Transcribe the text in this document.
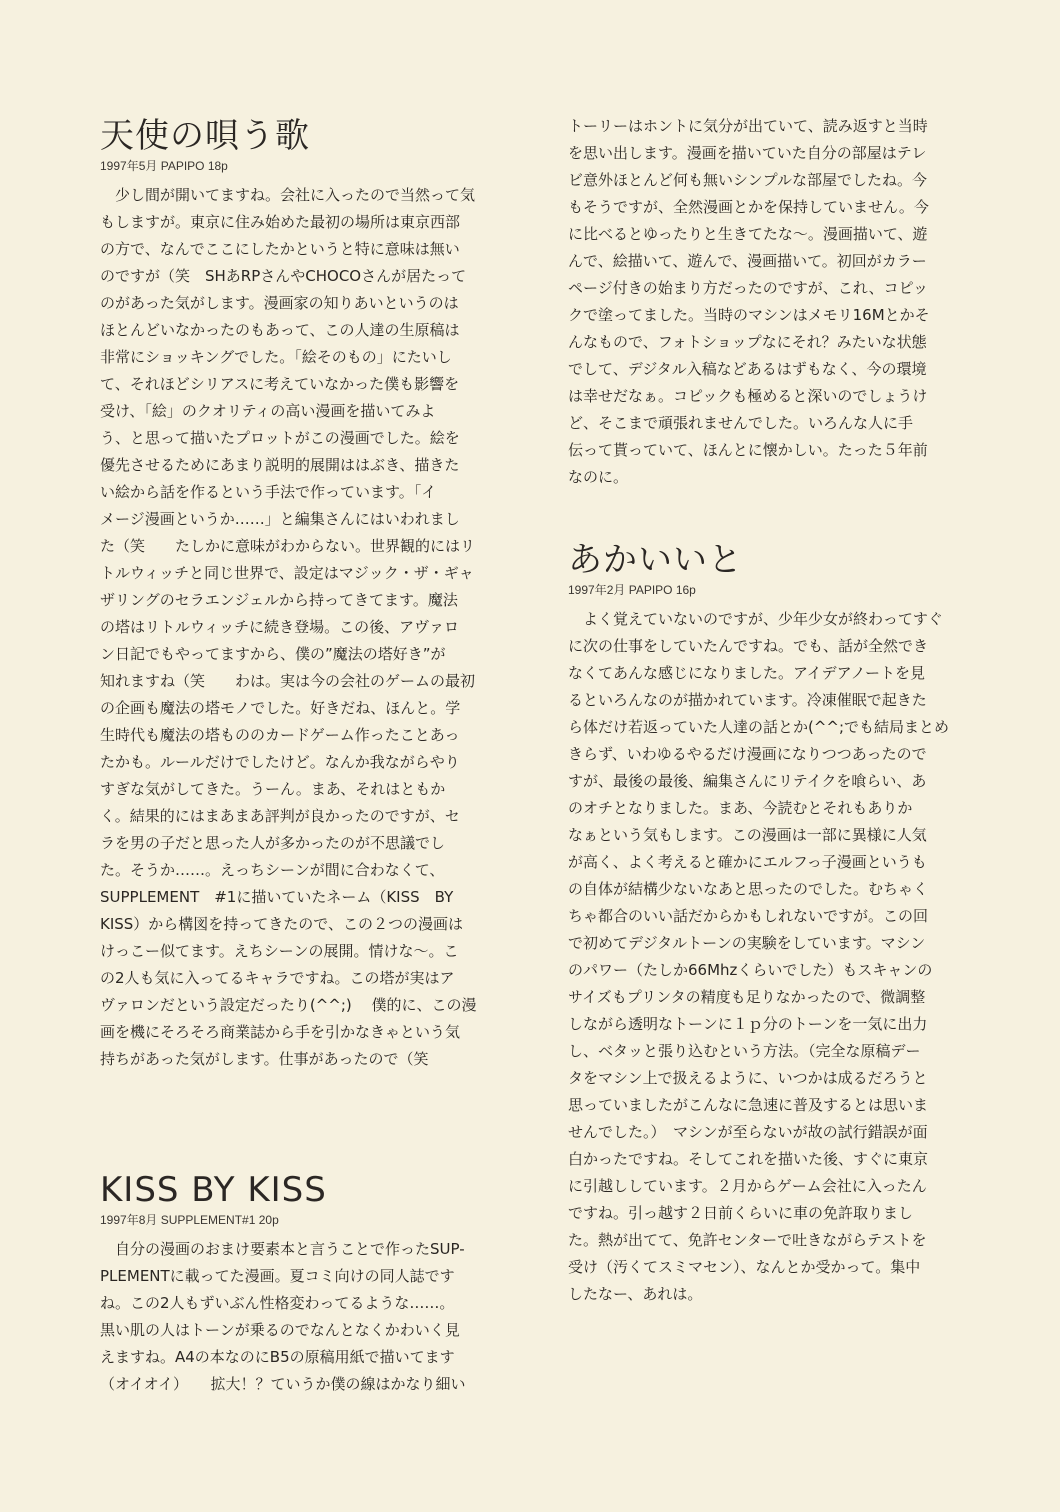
天使の唄う歌
1997年5月 PAPIPO 18p
　少し間が開いてますね。会社に入ったので当然って気
もしますが。東京に住み始めた最初の場所は東京西部
の方で、なんでここにしたかというと特に意味は無い
のですが（笑　SHあRPさんやCHOCOさんが居たって
のがあった気がします。漫画家の知りあいというのは
ほとんどいなかったのもあって、この人達の生原稿は
非常にショッキングでした。「絵そのもの」にたいし
て、それほどシリアスに考えていなかった僕も影響を
受け、「絵」のクオリティの高い漫画を描いてみよ
う、と思って描いたプロットがこの漫画でした。絵を
優先させるためにあまり説明的展開ははぶき、描きた
い絵から話を作るという手法で作っています。「イ
メージ漫画というか……」と編集さんにはいわれまし
た（笑　　たしかに意味がわからない。世界観的にはリ
トルウィッチと同じ世界で、設定はマジック・ザ・ギャ
ザリングのセラエンジェルから持ってきてます。魔法
の塔はリトルウィッチに続き登場。この後、アヴァロ
ン日記でもやってますから、僕の”魔法の塔好き”が
知れますね（笑　　わは。実は今の会社のゲームの最初
の企画も魔法の塔モノでした。好きだね、ほんと。学
生時代も魔法の塔もののカードゲーム作ったことあっ
たかも。ルールだけでしたけど。なんか我ながらやり
すぎな気がしてきた。うーん。まあ、それはともか
く。結果的にはまあまあ評判が良かったのですが、セ
ラを男の子だと思った人が多かったのが不思議でし
た。そうか……。えっちシーンが間に合わなくて、
SUPPLEMENT　#1に描いていたネーム（KISS　BY
KISS）から構図を持ってきたので、この２つの漫画は
けっこー似てます。えちシーンの展開。情けな～。こ
の2人も気に入ってるキャラですね。この塔が実はア
ヴァロンだという設定だったり(^^;)　 僕的に、この漫
画を機にそろそろ商業誌から手を引かなきゃという気
持ちがあった気がします。仕事があったので（笑
KISS BY KISS
1997年8月 SUPPLEMENT#1 20p
　自分の漫画のおまけ要素本と言うことで作ったSUP-
PLEMENTに載ってた漫画。夏コミ向けの同人誌です
ね。この2人もずいぶん性格変わってるような……。
黒い肌の人はトーンが乗るのでなんとなくかわいく見
えますね。A4の本なのにB5の原稿用紙で描いてます
（オイオイ）　　拡大！？ていうか僕の線はかなり細い
トーリーはホントに気分が出ていて、読み返すと当時
を思い出します。漫画を描いていた自分の部屋はテレ
ビ意外ほとんど何も無いシンプルな部屋でしたね。今
もそうですが、全然漫画とかを保持していません。今
に比べるとゆったりと生きてたな～。漫画描いて、遊
んで、絵描いて、遊んで、漫画描いて。初回がカラー
ページ付きの始まり方だったのですが、これ、コピッ
クで塗ってました。当時のマシンはメモリ16Mとかそ
んなもので、フォトショップなにそれ？みたいな状態
でして、デジタル入稿などあるはずもなく、今の環境
は幸せだなぁ。コピックも極めると深いのでしょうけ
ど、そこまで頑張れませんでした。いろんな人に手
伝って貰っていて、ほんとに懐かしい。たった５年前
なのに。
あかいいと
1997年2月 PAPIPO 16p
　よく覚えていないのですが、少年少女が終わってすぐ
に次の仕事をしていたんですね。でも、話が全然でき
なくてあんな感じになりました。アイデアノートを見
るといろんなのが描かれています。冷凍催眠で起きた
ら体だけ若返っていた人達の話とか(^^;でも結局まとめ
きらず、いわゆるやるだけ漫画になりつつあったので
すが、最後の最後、編集さんにリテイクを喰らい、あ
のオチとなりました。まあ、今読むとそれもありか
なぁという気もします。この漫画は一部に異様に人気
が高く、よく考えると確かにエルフっ子漫画というも
の自体が結構少ないなあと思ったのでした。むちゃく
ちゃ都合のいい話だからかもしれないですが。この回
で初めてデジタルトーンの実験をしています。マシン
のパワー（たしか66Mhzくらいでした）もスキャンの
サイズもプリンタの精度も足りなかったので、微調整
しながら透明なトーンに１ｐ分のトーンを一気に出力
し、ベタッと張り込むという方法。（完全な原稿デー
タをマシン上で扱えるように、いつかは成るだろうと
思っていましたがこんなに急速に普及するとは思いま
せんでした。）　マシンが至らないが故の試行錯誤が面
白かったですね。そしてこれを描いた後、すぐに東京
に引越ししています。２月からゲーム会社に入ったん
ですね。引っ越す２日前くらいに車の免許取りまし
た。熱が出てて、免許センターで吐きながらテストを
受け（汚くてスミマセン）、なんとか受かって。集中
したなー、あれは。
